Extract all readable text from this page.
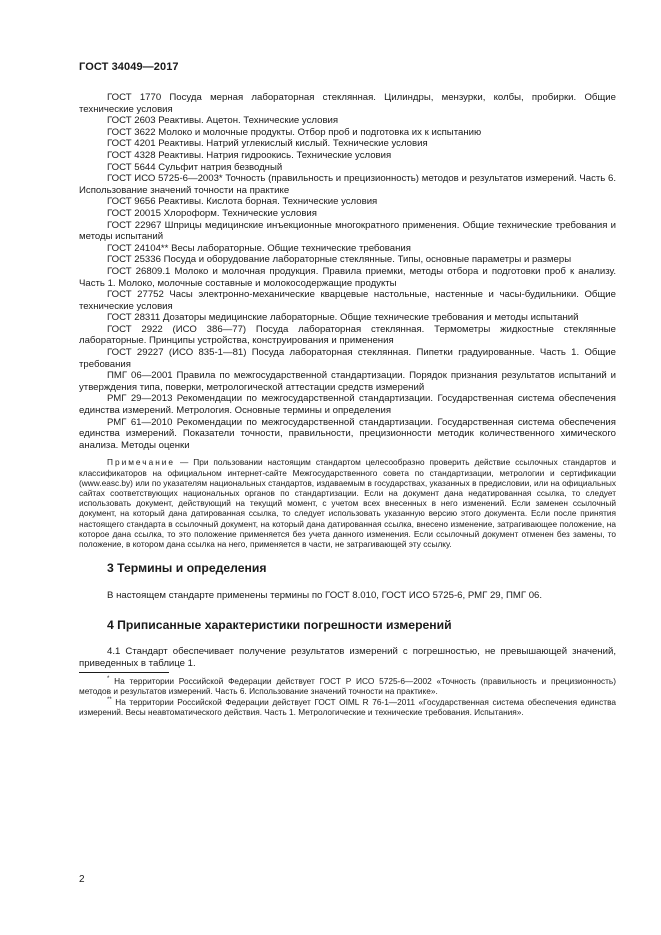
ГОСТ 34049—2017

ГОСТ 1770 Посуда мерная лабораторная стеклянная. Цилиндры, мензурки, колбы, пробирки. Общие технические условия

ГОСТ 2603 Реактивы. Ацетон. Технические условия

ГОСТ 3622 Молоко и молочные продукты. Отбор проб и подготовка их к испытанию

ГОСТ 4201 Реактивы. Натрий углекислый кислый. Технические условия

ГОСТ 4328 Реактивы. Натрия гидроокись. Технические условия

ГОСТ 5644 Сульфит натрия безводный

ГОСТ ИСО 5725-6—2003* Точность (правильность и прецизионность) методов и результатов измерений. Часть 6. Использование значений точности на практике

ГОСТ 9656 Реактивы. Кислота борная. Технические условия

ГОСТ 20015 Хлороформ. Технические условия

ГОСТ 22967 Шприцы медицинские инъекционные многократного применения. Общие технические требования и методы испытаний

ГОСТ 24104** Весы лабораторные. Общие технические требования

ГОСТ 25336 Посуда и оборудование лабораторные стеклянные. Типы, основные параметры и размеры

ГОСТ 26809.1 Молоко и молочная продукция. Правила приемки, методы отбора и подготовки проб к анализу. Часть 1. Молоко, молочные составные и молокосодержащие продукты

ГОСТ 27752 Часы электронно-механические кварцевые настольные, настенные и часы-будильники. Общие технические условия

ГОСТ 28311 Дозаторы медицинские лабораторные. Общие технические требования и методы испытаний

ГОСТ 2922 (ИСО 386—77) Посуда лабораторная стеклянная. Термометры жидкостные стеклянные лабораторные. Принципы устройства, конструирования и применения

ГОСТ 29227 (ИСО 835-1—81) Посуда лабораторная стеклянная. Пипетки градуированные. Часть 1. Общие требования

ПМГ 06—2001 Правила по межгосударственной стандартизации. Порядок признания результатов испытаний и утверждения типа, поверки, метрологической аттестации средств измерений

РМГ 29—2013 Рекомендации по межгосударственной стандартизации. Государственная система обеспечения единства измерений. Метрология. Основные термины и определения

РМГ 61—2010 Рекомендации по межгосударственной стандартизации. Государственная система обеспечения единства измерений. Показатели точности, правильности, прецизионности методик количественного химического анализа. Методы оценки

Примечание — При пользовании настоящим стандартом целесообразно проверить действие ссылочных стандартов и классификаторов на официальном интернет-сайте Межгосударственного совета по стандартизации, метрологии и сертификации (www.easc.by) или по указателям национальных стандартов, издаваемым в государствах, указанных в предисловии, или на официальных сайтах соответствующих национальных органов по стандартизации. Если на документ дана недатированная ссылка, то следует использовать документ, действующий на текущий момент, с учетом всех внесенных в него изменений. Если заменен ссылочный документ, на который дана датированная ссылка, то следует использовать указанную версию этого документа. Если после принятия настоящего стандарта в ссылочный документ, на который дана датированная ссылка, внесено изменение, затрагивающее положение, на которое дана ссылка, то это положение применяется без учета данного изменения. Если ссылочный документ отменен без замены, то положение, в котором дана ссылка на него, применяется в части, не затрагивающей эту ссылку.

3 Термины и определения

В настоящем стандарте применены термины по ГОСТ 8.010, ГОСТ ИСО 5725-6, РМГ 29, ПМГ 06.

4 Приписанные характеристики погрешности измерений

4.1 Стандарт обеспечивает получение результатов измерений с погрешностью, не превышающей значений, приведенных в таблице 1.

* На территории Российской Федерации действует ГОСТ Р ИСО 5725-6—2002 «Точность (правильность и прецизионность) методов и результатов измерений. Часть 6. Использование значений точности на практике».

** На территории Российской Федерации действует ГОСТ OIML R 76-1—2011 «Государственная система обеспечения единства измерений. Весы неавтоматического действия. Часть 1. Метрологические и технические требования. Испытания».

2
